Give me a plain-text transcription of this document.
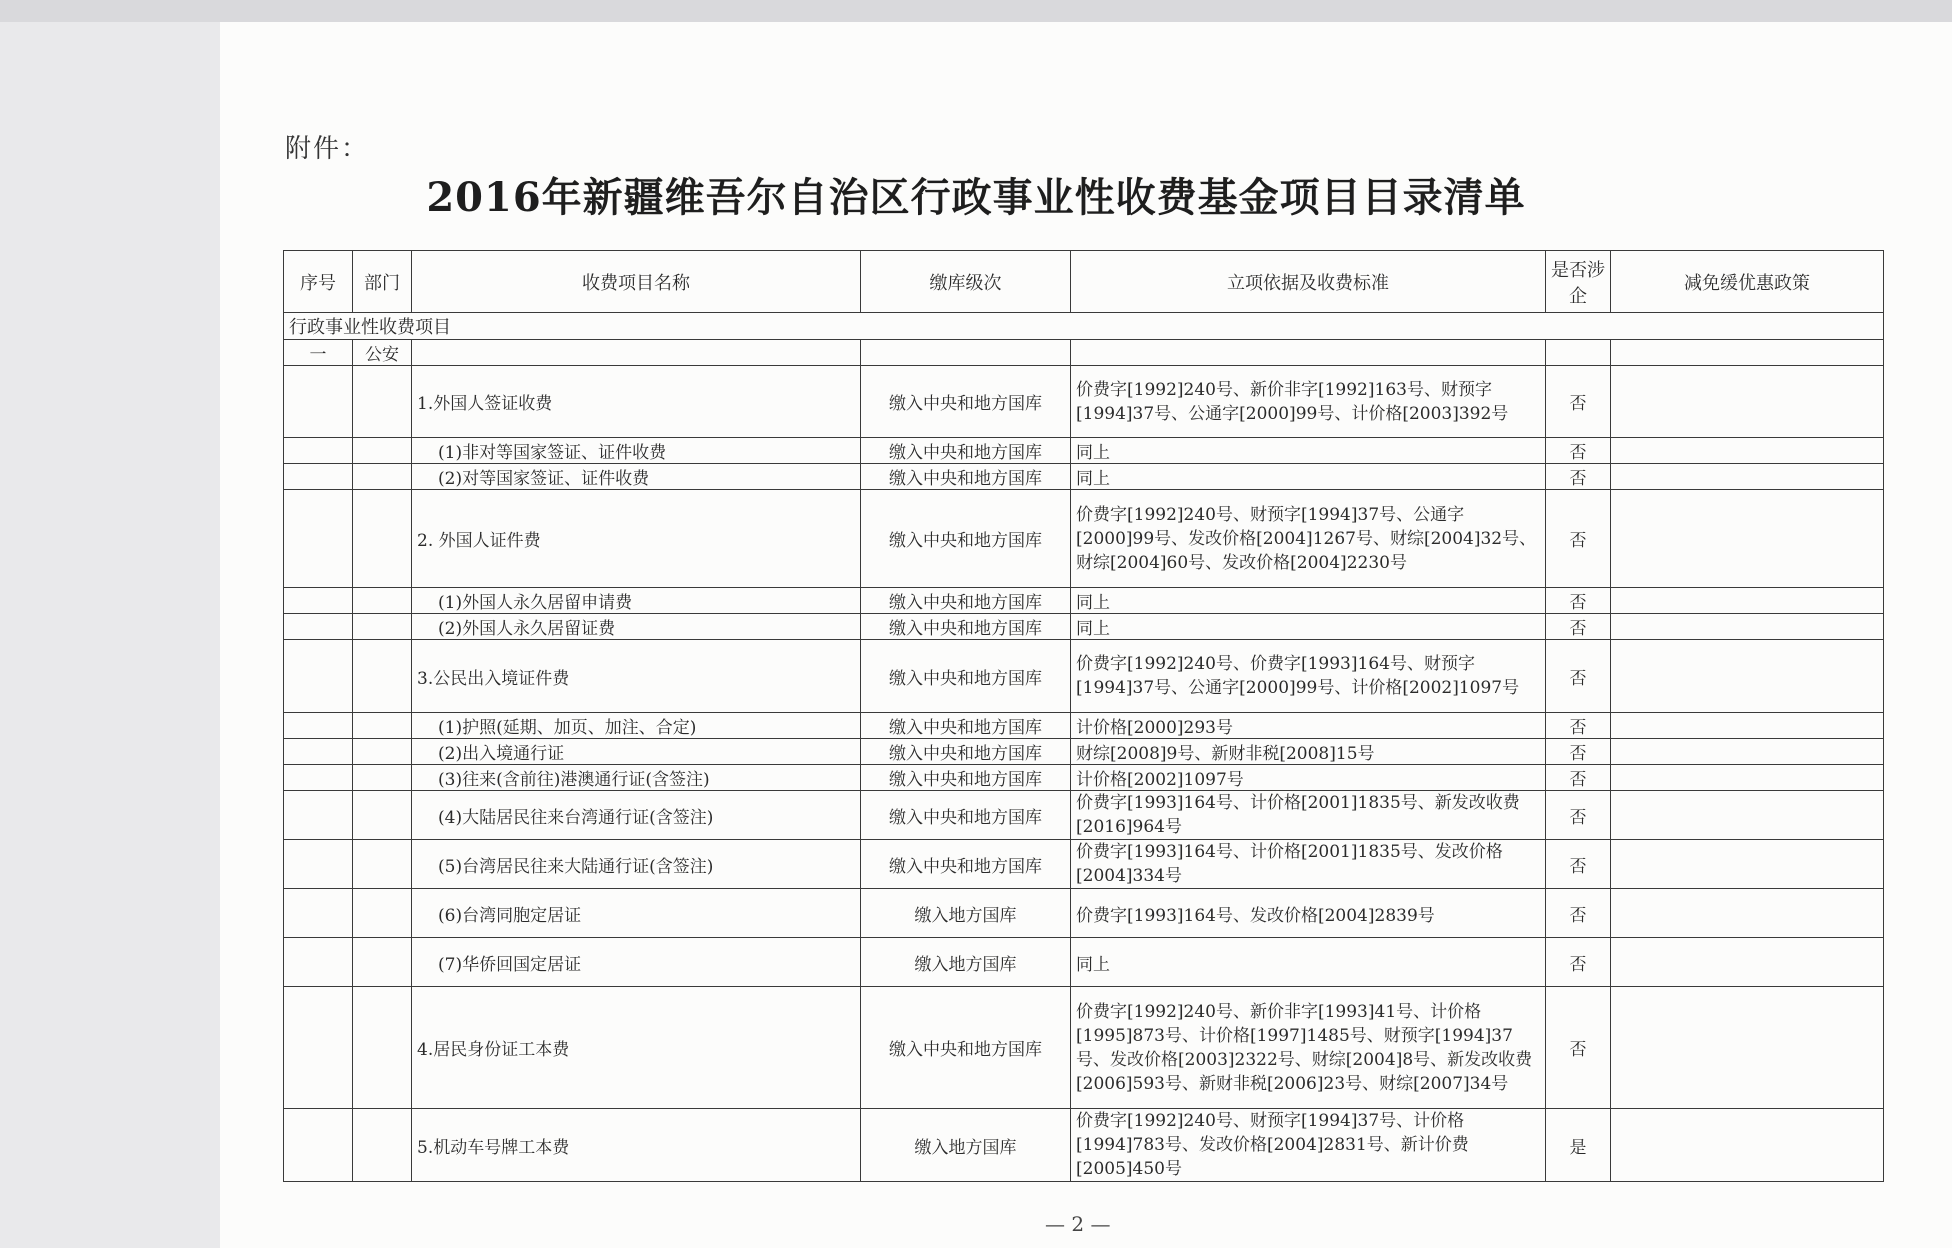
附件：
2016年新疆维吾尔自治区行政事业性收费基金项目目录清单
序号	部门	收费项目名称	缴库级次	立项依据及收费标准	是否涉企	减免缓优惠政策
行政事业性收费项目						
一	公安					
		1.外国人签证收费	缴入中央和地方国库	价费字[1992]240号、新价非字[1992]163号、财预字[1994]37号、公通字[2000]99号、计价格[2003]392号	否	
		(1)非对等国家签证、证件收费	缴入中央和地方国库	同上	否	
		(2)对等国家签证、证件收费	缴入中央和地方国库	同上	否	
		2. 外国人证件费	缴入中央和地方国库	价费字[1992]240号、财预字[1994]37号、公通字[2000]99号、发改价格[2004]1267号、财综[2004]32号、财综[2004]60号、发改价格[2004]2230号	否	
		(1)外国人永久居留申请费	缴入中央和地方国库	同上	否	
		(2)外国人永久居留证费	缴入中央和地方国库	同上	否	
		3.公民出入境证件费	缴入中央和地方国库	价费字[1992]240号、价费字[1993]164号、财预字[1994]37号、公通字[2000]99号、计价格[2002]1097号	否	
		(1)护照(延期、加页、加注、合定)	缴入中央和地方国库	计价格[2000]293号	否	
		(2)出入境通行证	缴入中央和地方国库	财综[2008]9号、新财非税[2008]15号	否	
		(3)往来(含前往)港澳通行证(含签注)	缴入中央和地方国库	计价格[2002]1097号	否	
		(4)大陆居民往来台湾通行证(含签注)	缴入中央和地方国库	价费字[1993]164号、计价格[2001]1835号、新发改收费[2016]964号	否	
		(5)台湾居民往来大陆通行证(含签注)	缴入中央和地方国库	价费字[1993]164号、计价格[2001]1835号、发改价格[2004]334号	否	
		(6)台湾同胞定居证	缴入地方国库	价费字[1993]164号、发改价格[2004]2839号	否	
		(7)华侨回国定居证	缴入地方国库	同上	否	
		4.居民身份证工本费	缴入中央和地方国库	价费字[1992]240号、新价非字[1993]41号、计价格[1995]873号、计价格[1997]1485号、财预字[1994]37号、发改价格[2003]2322号、财综[2004]8号、新发改收费[2006]593号、新财非税[2006]23号、财综[2007]34号	否	
		5.机动车号牌工本费	缴入地方国库	价费字[1992]240号、财预字[1994]37号、计价格[1994]783号、发改价格[2004]2831号、新计价费[2005]450号	是	
— 2 —
